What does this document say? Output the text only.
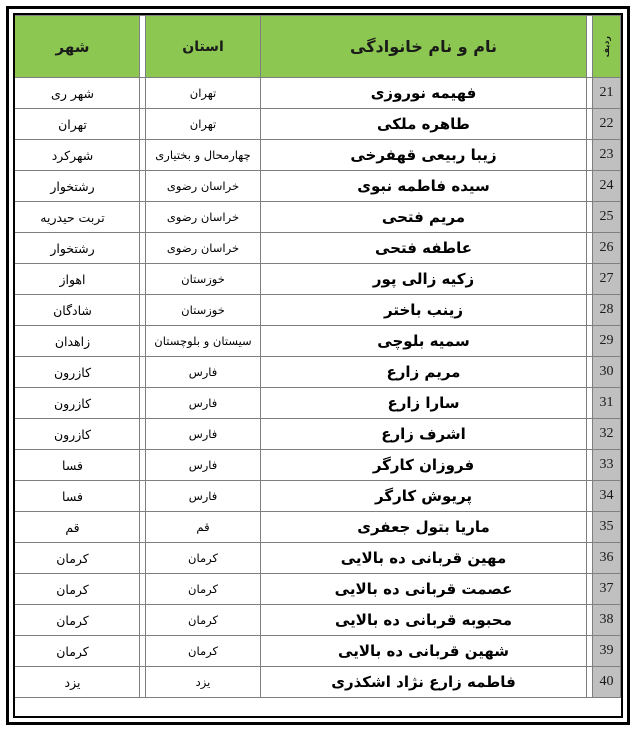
ردیف		نام و نام خانوادگی	استان		شهر
21		فهیمه نوروزی	تهران		شهر ری
22		طاهره ملکی	تهران		تهران
23		زیبا ربیعی قهفرخی	چهارمحال و بختیاری		شهرکرد
24		سیده فاطمه نبوی	خراسان رضوی		رشتخوار
25		مریم فتحی	خراسان رضوی		تربت حیدریه
26		عاطفه فتحی	خراسان رضوی		رشتخوار
27		زکیه زالی پور	خوزستان		اهواز
28		زینب باختر	خوزستان		شادگان
29		سمیه بلوچی	سیستان و بلوچستان		زاهدان
30		مریم زارع	فارس		کازرون
31		سارا زارع	فارس		کازرون
32		اشرف زارع	فارس		کازرون
33		فروزان کارگر	فارس		فسا
34		پریوش کارگر	فارس		فسا
35		ماریا بتول جعفری	قم		قم
36		مهین قربانی ده بالایی	کرمان		کرمان
37		عصمت قربانی ده بالایی	کرمان		کرمان
38		محبوبه قربانی ده بالایی	کرمان		کرمان
39		شهین قربانی ده بالایی	کرمان		کرمان
40		فاطمه زارع نژاد اشکذری	یزد		یزد
